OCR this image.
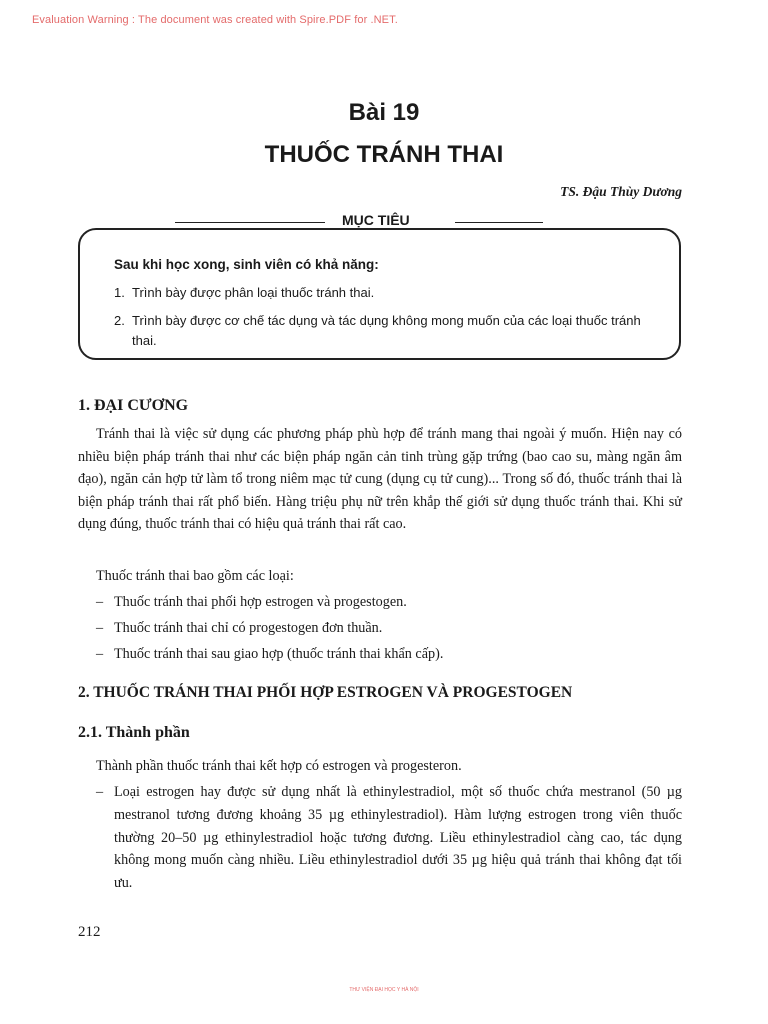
Evaluation Warning : The document was created with Spire.PDF for .NET.
Bài 19
THUỐC TRÁNH THAI
TS. Đậu Thùy Dương
MỤC TIÊU
Sau khi học xong, sinh viên có khả năng:
1. Trình bày được phân loại thuốc tránh thai.
2. Trình bày được cơ chế tác dụng và tác dụng không mong muốn của các loại thuốc tránh thai.
1. ĐẠI CƯƠNG
Tránh thai là việc sử dụng các phương pháp phù hợp để tránh mang thai ngoài ý muốn. Hiện nay có nhiều biện pháp tránh thai như các biện pháp ngăn cản tinh trùng gặp trứng (bao cao su, màng ngăn âm đạo), ngăn cản hợp tử làm tổ trong niêm mạc tử cung (dụng cụ tử cung)... Trong số đó, thuốc tránh thai là biện pháp tránh thai rất phổ biến. Hàng triệu phụ nữ trên khắp thế giới sử dụng thuốc tránh thai. Khi sử dụng đúng, thuốc tránh thai có hiệu quả tránh thai rất cao.
Thuốc tránh thai bao gồm các loại:
– Thuốc tránh thai phối hợp estrogen và progestogen.
– Thuốc tránh thai chỉ có progestogen đơn thuần.
– Thuốc tránh thai sau giao hợp (thuốc tránh thai khẩn cấp).
2. THUỐC TRÁNH THAI PHỐI HỢP ESTROGEN VÀ PROGESTOGEN
2.1. Thành phần
Thành phần thuốc tránh thai kết hợp có estrogen và progesteron.
– Loại estrogen hay được sử dụng nhất là ethinylestradiol, một số thuốc chứa mestranol (50 µg mestranol tương đương khoảng 35 µg ethinylestradiol). Hàm lượng estrogen trong viên thuốc thường 20–50 µg ethinylestradiol hoặc tương đương. Liều ethinylestradiol càng cao, tác dụng không mong muốn càng nhiều. Liều ethinylestradiol dưới 35 µg hiệu quả tránh thai không đạt tối ưu.
212
THƯ VIỆN ĐẠI HỌC Y HÀ NỘI
